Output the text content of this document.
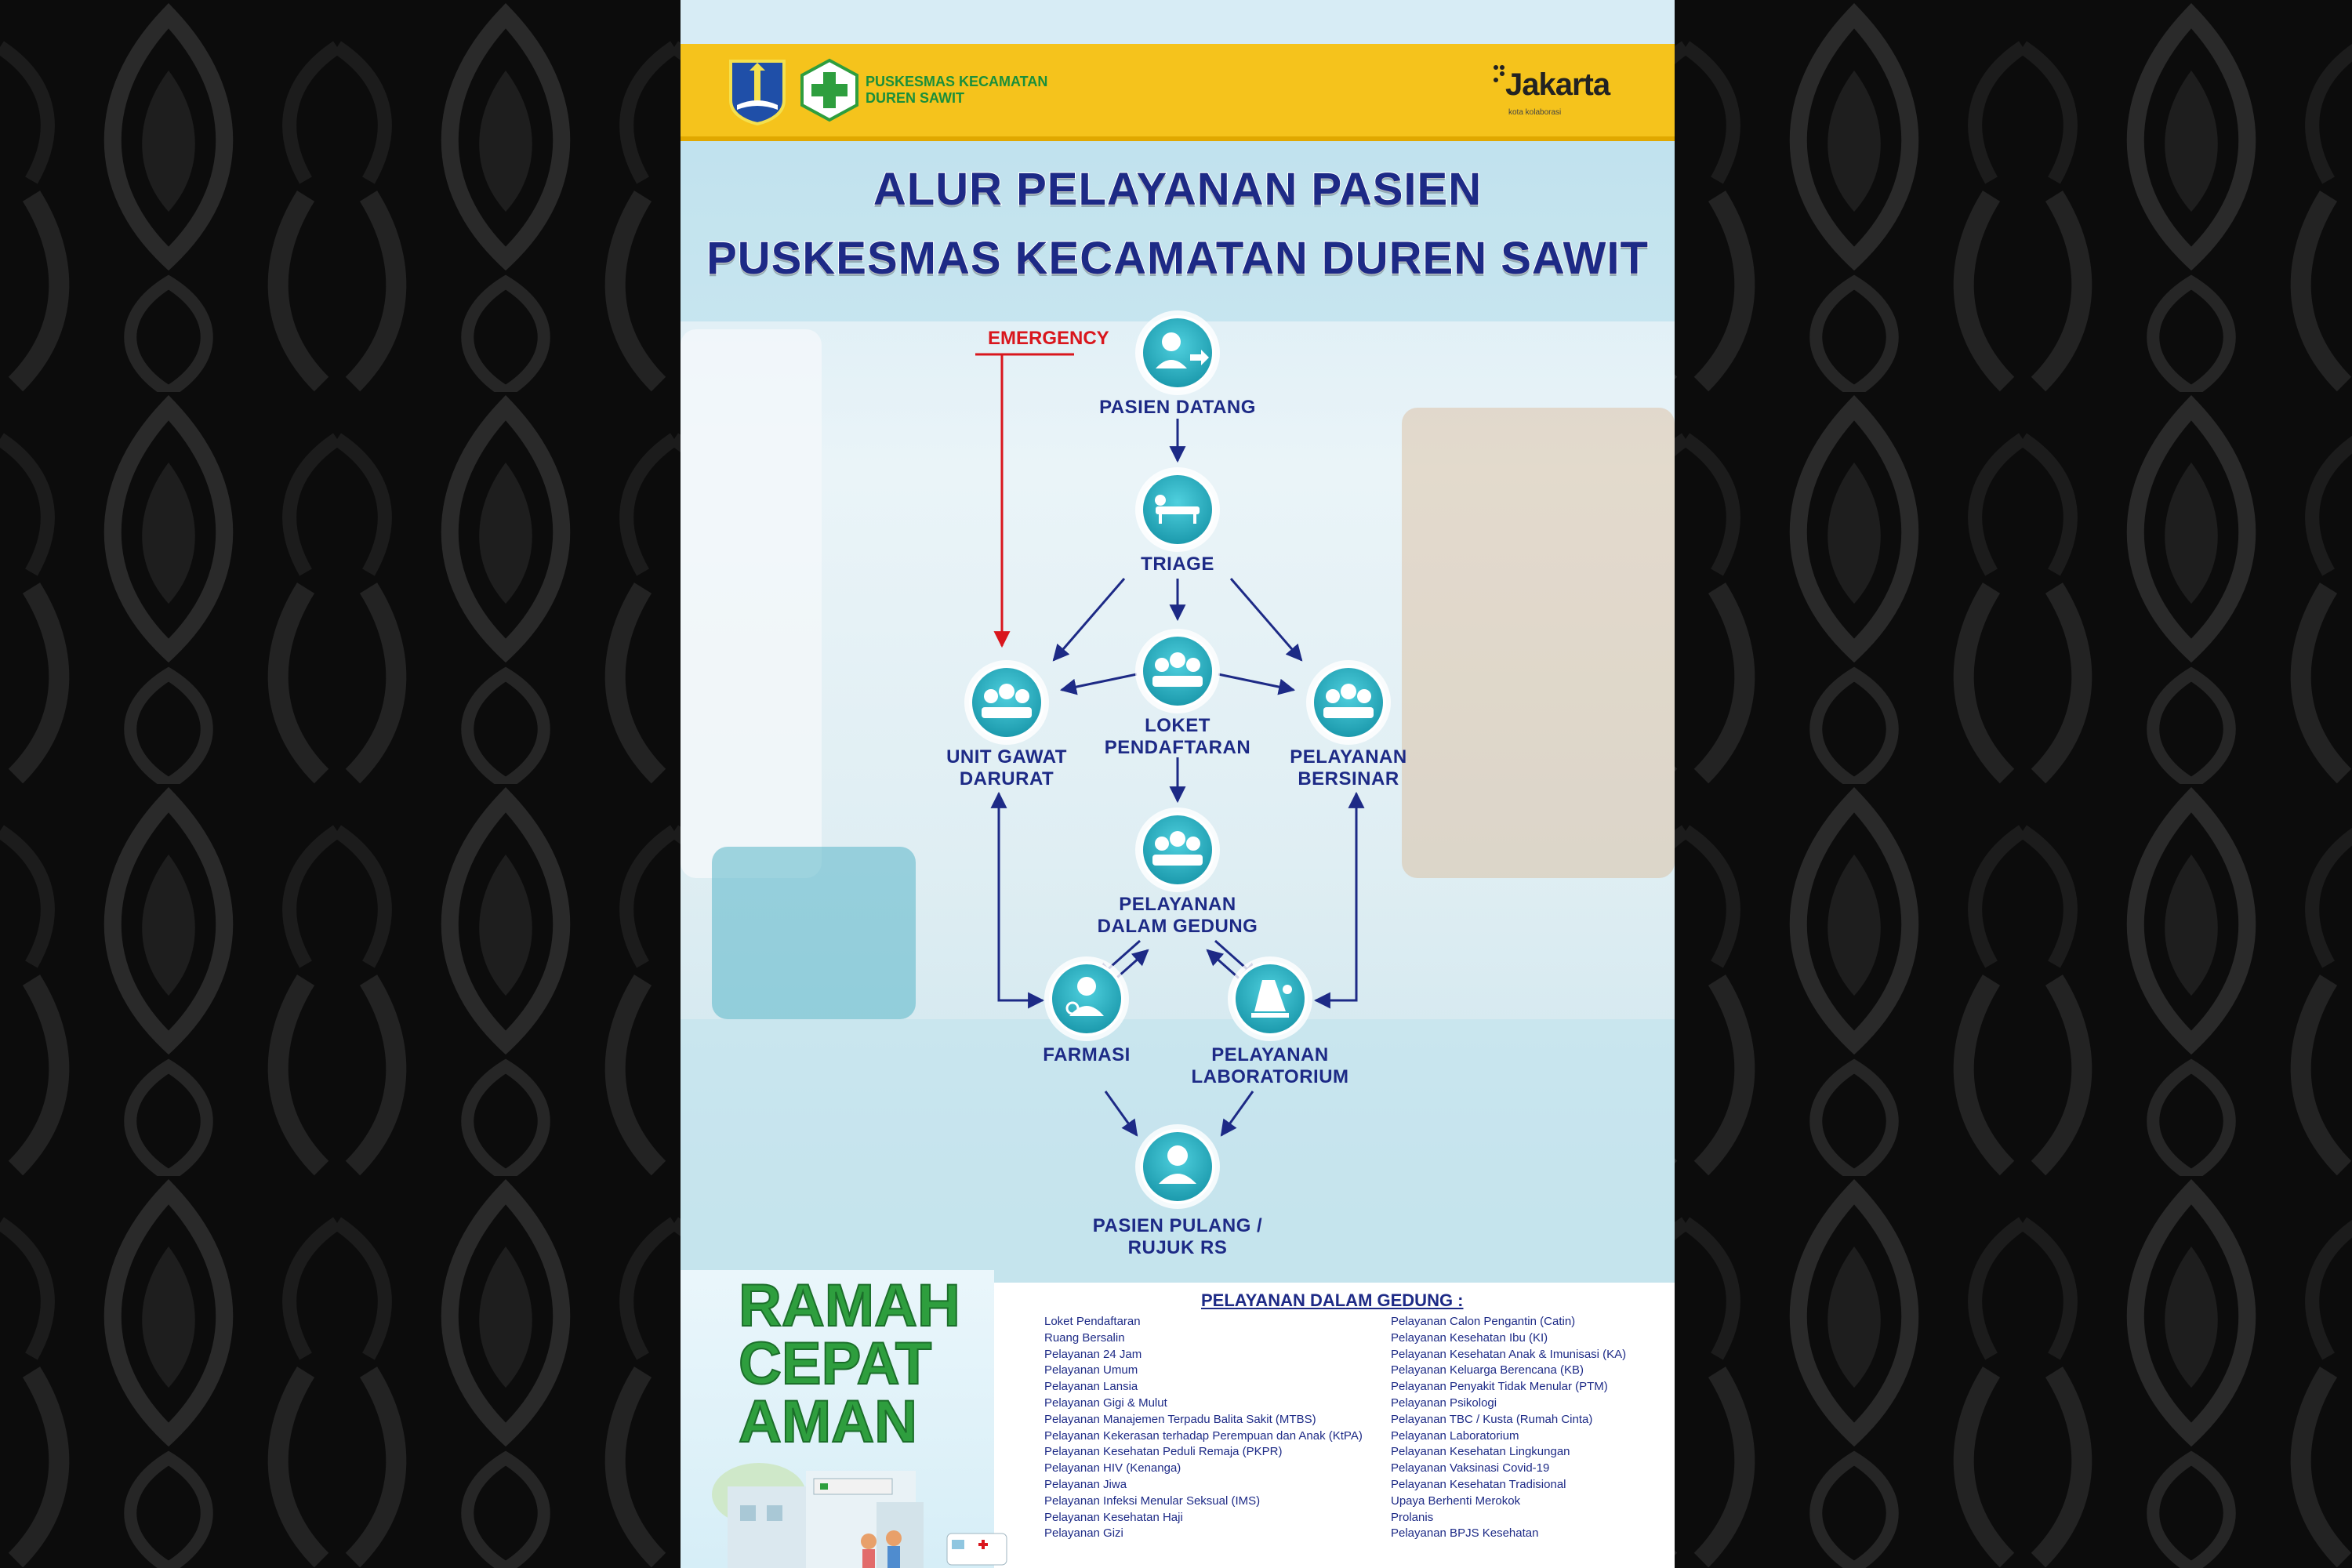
PUSKESMAS KECAMATAN
DUREN SAWIT	Jakarta
kota kolaborasi
ALUR PELAYANAN PASIEN
PUSKESMAS KECAMATAN DUREN SAWIT
EMERGENCY
PASIEN DATANG
TRIAGE
LOKET
PENDAFTARAN
UNIT GAWAT
DARURAT
PELAYANAN
BERSINAR
PELAYANAN
DALAM GEDUNG
FARMASI	PELAYANAN
LABORATORIUM
PASIEN PULANG /
RUJUK RS
RAMAH
CEPAT
AMAN
PELAYANAN DALAM GEDUNG :
Loket Pendaftaran
Ruang Bersalin
Pelayanan 24 Jam
Pelayanan Umum
Pelayanan Lansia
Pelayanan Gigi & Mulut
Pelayanan Manajemen Terpadu Balita Sakit (MTBS)
Pelayanan Kekerasan terhadap Perempuan dan Anak (KtPA)
Pelayanan Kesehatan Peduli Remaja (PKPR)
Pelayanan HIV (Kenanga)
Pelayanan Jiwa
Pelayanan Infeksi Menular Seksual (IMS)
Pelayanan Kesehatan Haji
Pelayanan Gizi
Pelayanan Calon Pengantin (Catin)
Pelayanan Kesehatan Ibu (KI)
Pelayanan Kesehatan Anak & Imunisasi (KA)
Pelayanan Keluarga Berencana (KB)
Pelayanan Penyakit Tidak Menular (PTM)
Pelayanan Psikologi
Pelayanan TBC / Kusta (Rumah Cinta)
Pelayanan Laboratorium
Pelayanan Kesehatan Lingkungan
Pelayanan Vaksinasi Covid-19
Pelayanan Kesehatan Tradisional
Upaya Berhenti Merokok
Prolanis
Pelayanan BPJS Kesehatan
